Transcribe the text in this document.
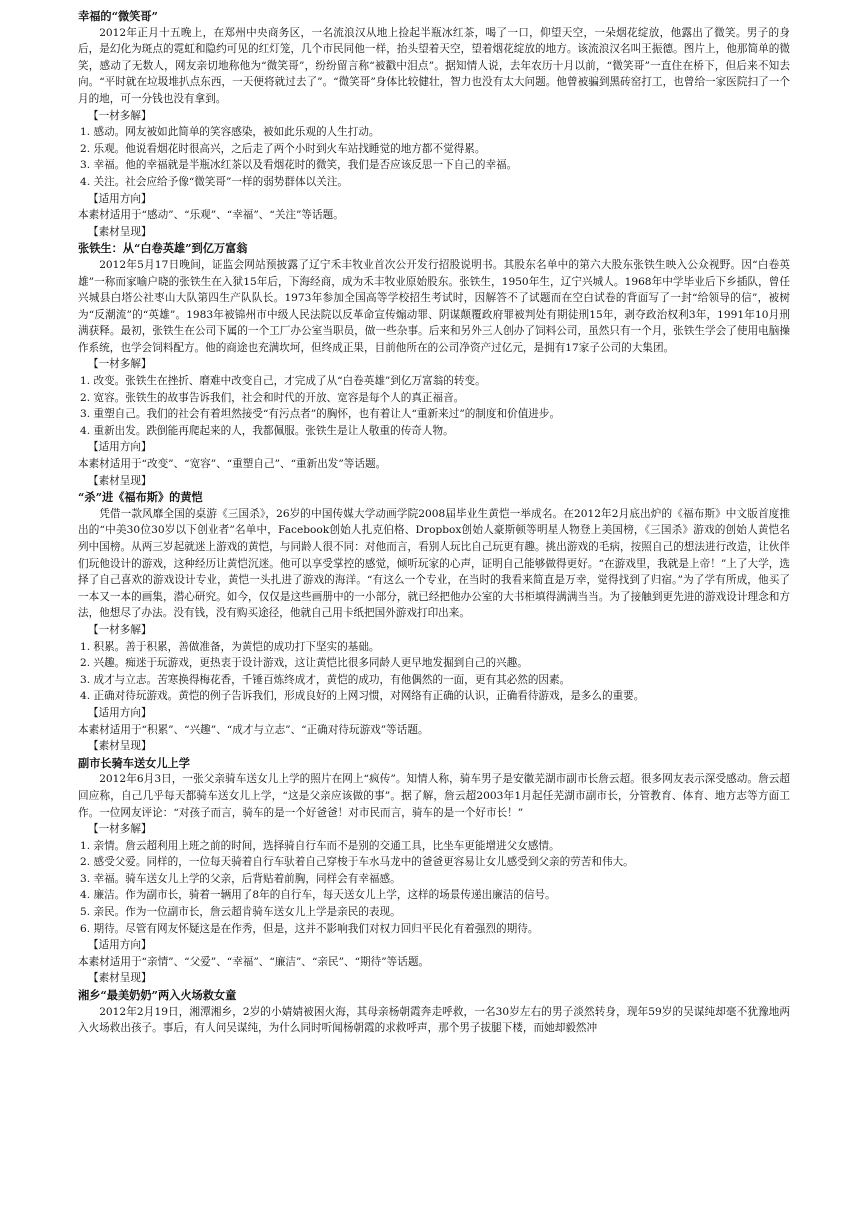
幸福的“微笑哥”
2012年正月十五晚上，在郑州中央商务区，一名流浪汉从地上捡起半瓶冰红茶，喝了一口，仰望天空，一朵烟花绽放，他露出了微笑。男子的身后，是幻化为斑点的霓虹和隐约可见的红灯笼，几个市民同他一样，抬头望着天空，望着烟花绽放的地方。该流浪汉名叫王振德。图片上，他那简单的微笑，感动了无数人，网友亲切地称他为“微笑哥”，纷纷留言称“被戳中泪点”。据知情人说，去年农历十月以前，“微笑哥”一直住在桥下，但后来不知去向。“平时就在垃圾堆扒点东西，一天便将就过去了”。“微笑哥”身体比较健壮，智力也没有太大问题。他曾被骗到黑砖窑打工，也曾给一家医院扫了一个月的地，可一分钱也没有拿到。
【一材多解】
1. 感动。网友被如此简单的笑容感染，被如此乐观的人生打动。
2. 乐观。他说看烟花时很高兴，之后走了两个小时到火车站找睡觉的地方都不觉得累。
3. 幸福。他的幸福就是半瓶冰红茶以及看烟花时的微笑，我们是否应该反思一下自己的幸福。
4. 关注。社会应给予像“微笑哥”一样的弱势群体以关注。
【适用方向】
本素材适用于“感动”、“乐观”、“幸福”、“关注”等话题。
【素材呈现】
张铁生：从“白卷英雄”到亿万富翁
2012年5月17日晚间，证监会网站预披露了辽宁禾丰牧业首次公开发行招股说明书。其股东名单中的第六大股东张铁生映入公众视野。因“白卷英雄”一称而家喻户晓的张铁生在入狱15年后，下海经商，成为禾丰牧业原始股东。张铁生，1950年生，辽宁兴城人。1968年中学毕业后下乡插队，曾任兴城县白塔公社枣山大队第四生产队队长。1973年参加全国高等学校招生考试时，因解答不了试题而在空白试卷的背面写了一封“给领导的信”，被树为“反潮流”的“英雄”。1983年被锦州市中级人民法院以反革命宣传煽动罪、阴谋颠覆政府罪被判处有期徒刑15年，剥夺政治权利3年，1991年10月刑满获释。最初，张铁生在公司下属的一个工厂办公室当职员，做一些杂事。后来和另外三人创办了饲料公司，虽然只有一个月，张铁生学会了使用电脑操作系统，也学会饲料配方。他的商途也充满坎坷，但终成正果，目前他所在的公司净资产过亿元，是拥有17家子公司的大集团。
【一材多解】
1. 改变。张铁生在挫折、磨难中改变自己，才完成了从“白卷英雄”到亿万富翁的转变。
2. 宽容。张铁生的故事告诉我们，社会和时代的开放、宽容是每个人的真正福音。
3. 重塑自己。我们的社会有着坦然接受“有污点者”的胸怀，也有着让人“重新来过”的制度和价值进步。
4. 重新出发。跌倒能再爬起来的人，我都佩服。张铁生是让人敬重的传奇人物。
【适用方向】
本素材适用于“改变”、“宽容”、“重塑自己”、“重新出发”等话题。
【素材呈现】
“杀”进《福布斯》的黄恺
凭借一款风靡全国的桌游《三国杀》，26岁的中国传媒大学动画学院2008届毕业生黄恺一举成名。在2012年2月底出炉的《福布斯》中文版首度推出的“中美30位30岁以下创业者”名单中，Facebook创始人扎克伯格、Dropbox创始人豪斯顿等明星人物登上美国榜，《三国杀》游戏的创始人黄恺名列中国榜。从两三岁起就迷上游戏的黄恺，与同龄人很不同：对他而言，看别人玩比自己玩更有趣。挑出游戏的毛病，按照自己的想法进行改造，让伙伴们玩他设计的游戏，这种经历让黄恺沉迷。他可以享受掌控的感觉，倾听玩家的心声，证明自己能够做得更好。“在游戏里，我就是上帝！”上了大学，选择了自己喜欢的游戏设计专业，黄恺一头扎进了游戏的海洋。“有这么一个专业，在当时的我看来简直是万幸，觉得找到了归宿。”为了学有所成，他买了一本又一本的画集，潜心研究。如今，仅仅是这些画册中的一小部分，就已经把他办公室的大书柜填得满满当当。为了接触到更先进的游戏设计理念和方法，他想尽了办法。没有钱，没有购买途径，他就自己用卡纸把国外游戏打印出来。
【一材多解】
1. 积累。善于积累，善做准备，为黄恺的成功打下坚实的基础。
2. 兴趣。痴迷于玩游戏，更热衷于设计游戏，这让黄恺比很多同龄人更早地发掘到自己的兴趣。
3. 成才与立志。苦寒换得梅花香，千锤百炼终成才，黄恺的成功，有他偶然的一面，更有其必然的因素。
4. 正确对待玩游戏。黄恺的例子告诉我们，形成良好的上网习惯，对网络有正确的认识，正确看待游戏，是多么的重要。
【适用方向】
本素材适用于“积累”、“兴趣”、“成才与立志”、“正确对待玩游戏”等话题。
【素材呈现】
副市长骑车送女儿上学
2012年6月3日，一张父亲骑车送女儿上学的照片在网上“疯传”。知情人称，骑车男子是安徽芜湖市副市长詹云超。很多网友表示深受感动。詹云超回应称，自己几乎每天都骑车送女儿上学，“这是父亲应该做的事”。据了解，詹云超2003年1月起任芜湖市副市长，分管教育、体育、地方志等方面工作。一位网友评论：“对孩子而言，骑车的是一个好爸爸！对市民而言，骑车的是一个好市长！”
【一材多解】
1. 亲情。詹云超利用上班之前的时间，选择骑自行车而不是别的交通工具，比坐车更能增进父女感情。
2. 感受父爱。同样的，一位每天骑着自行车驮着自己穿梭于车水马龙中的爸爸更容易让女儿感受到父亲的劳苦和伟大。
3. 幸福。骑车送女儿上学的父亲，后背贴着前胸，同样会有幸福感。
4. 廉洁。作为副市长，骑着一辆用了8年的自行车，每天送女儿上学，这样的场景传递出廉洁的信号。
5. 亲民。作为一位副市长，詹云超肯骑车送女儿上学是亲民的表现。
6. 期待。尽管有网友怀疑这是在作秀，但是，这并不影响我们对权力回归平民化有着强烈的期待。
【适用方向】
本素材适用于“亲情”、“父爱”、“幸福”、“廉洁”、“亲民”、“期待”等话题。
【素材呈现】
湘乡“最美奶奶”两入火场救女童
2012年2月19日，湘潭湘乡，2岁的小婧婧被困火海，其母亲杨朝霞奔走呼救，一名30岁左右的男子淡然转身，现年59岁的吴谋纯却毫不犹豫地两入火场救出孩子。事后，有人问吴谋纯，为什么同时听闻杨朝霞的求救呼声，那个男子拔腿下楼，而她却毅然冲
